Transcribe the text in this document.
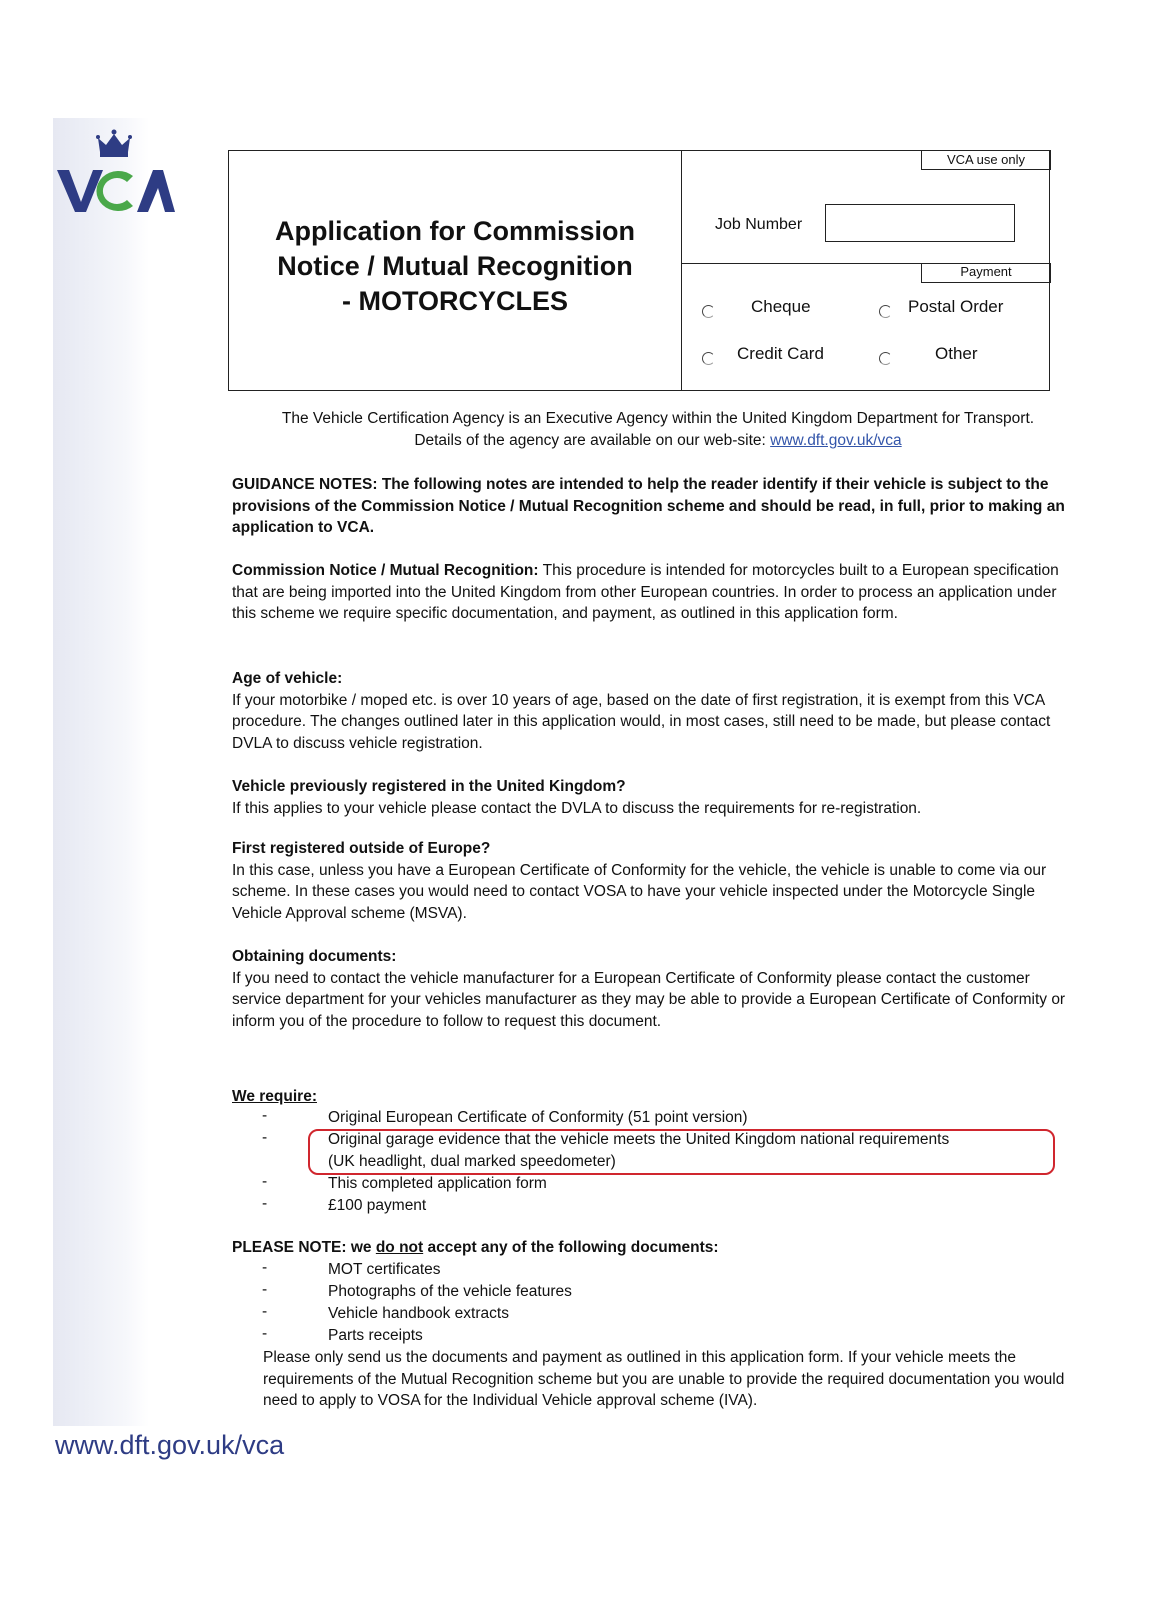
www.dft.gov.uk/vca
Application for Commission
Notice / Mutual Recognition
- MOTORCYCLES
VCA use only
Job Number
Payment
Cheque	Postal Order
Credit Card	Other
The Vehicle Certification Agency is an Executive Agency within the United Kingdom Department for Transport. Details of the agency are available on our web-site: www.dft.gov.uk/vca
GUIDANCE NOTES: The following notes are intended to help the reader identify if their vehicle is subject to the provisions of the Commission Notice / Mutual Recognition scheme and should be read, in full, prior to making an application to VCA.
Commission Notice / Mutual Recognition: This procedure is intended for motorcycles built to a European specification that are being imported into the United Kingdom from other European countries. In order to process an application under this scheme we require specific documentation, and payment, as outlined in this application form.
Age of vehicle:
If your motorbike / moped etc. is over 10 years of age, based on the date of first registration, it is exempt from this VCA procedure. The changes outlined later in this application would, in most cases, still need to be made, but please contact DVLA to discuss vehicle registration.
Vehicle previously registered in the United Kingdom?
If this applies to your vehicle please contact the DVLA to discuss the requirements for re-registration.
First registered outside of Europe?
In this case, unless you have a European Certificate of Conformity for the vehicle, the vehicle is unable to come via our scheme. In these cases you would need to contact VOSA to have your vehicle inspected under the Motorcycle Single Vehicle Approval scheme (MSVA).
Obtaining documents:
If you need to contact the vehicle manufacturer for a European Certificate of Conformity please contact the customer service department for your vehicles manufacturer as they may be able to provide a European Certificate of Conformity or inform you of the procedure to follow to request this document.
We require:
-	Original European Certificate of Conformity (51 point version)
-	Original garage evidence that the vehicle meets the United Kingdom national requirements
(UK headlight, dual marked speedometer)
-	This completed application form
-	£100 payment
PLEASE NOTE: we do not accept any of the following documents:
-	MOT certificates
-	Photographs of the vehicle features
-	Vehicle handbook extracts
-	Parts receipts
Please only send us the documents and payment as outlined in this application form. If your vehicle meets the requirements of the Mutual Recognition scheme but you are unable to provide the required documentation you would need to apply to VOSA for the Individual Vehicle approval scheme (IVA).
